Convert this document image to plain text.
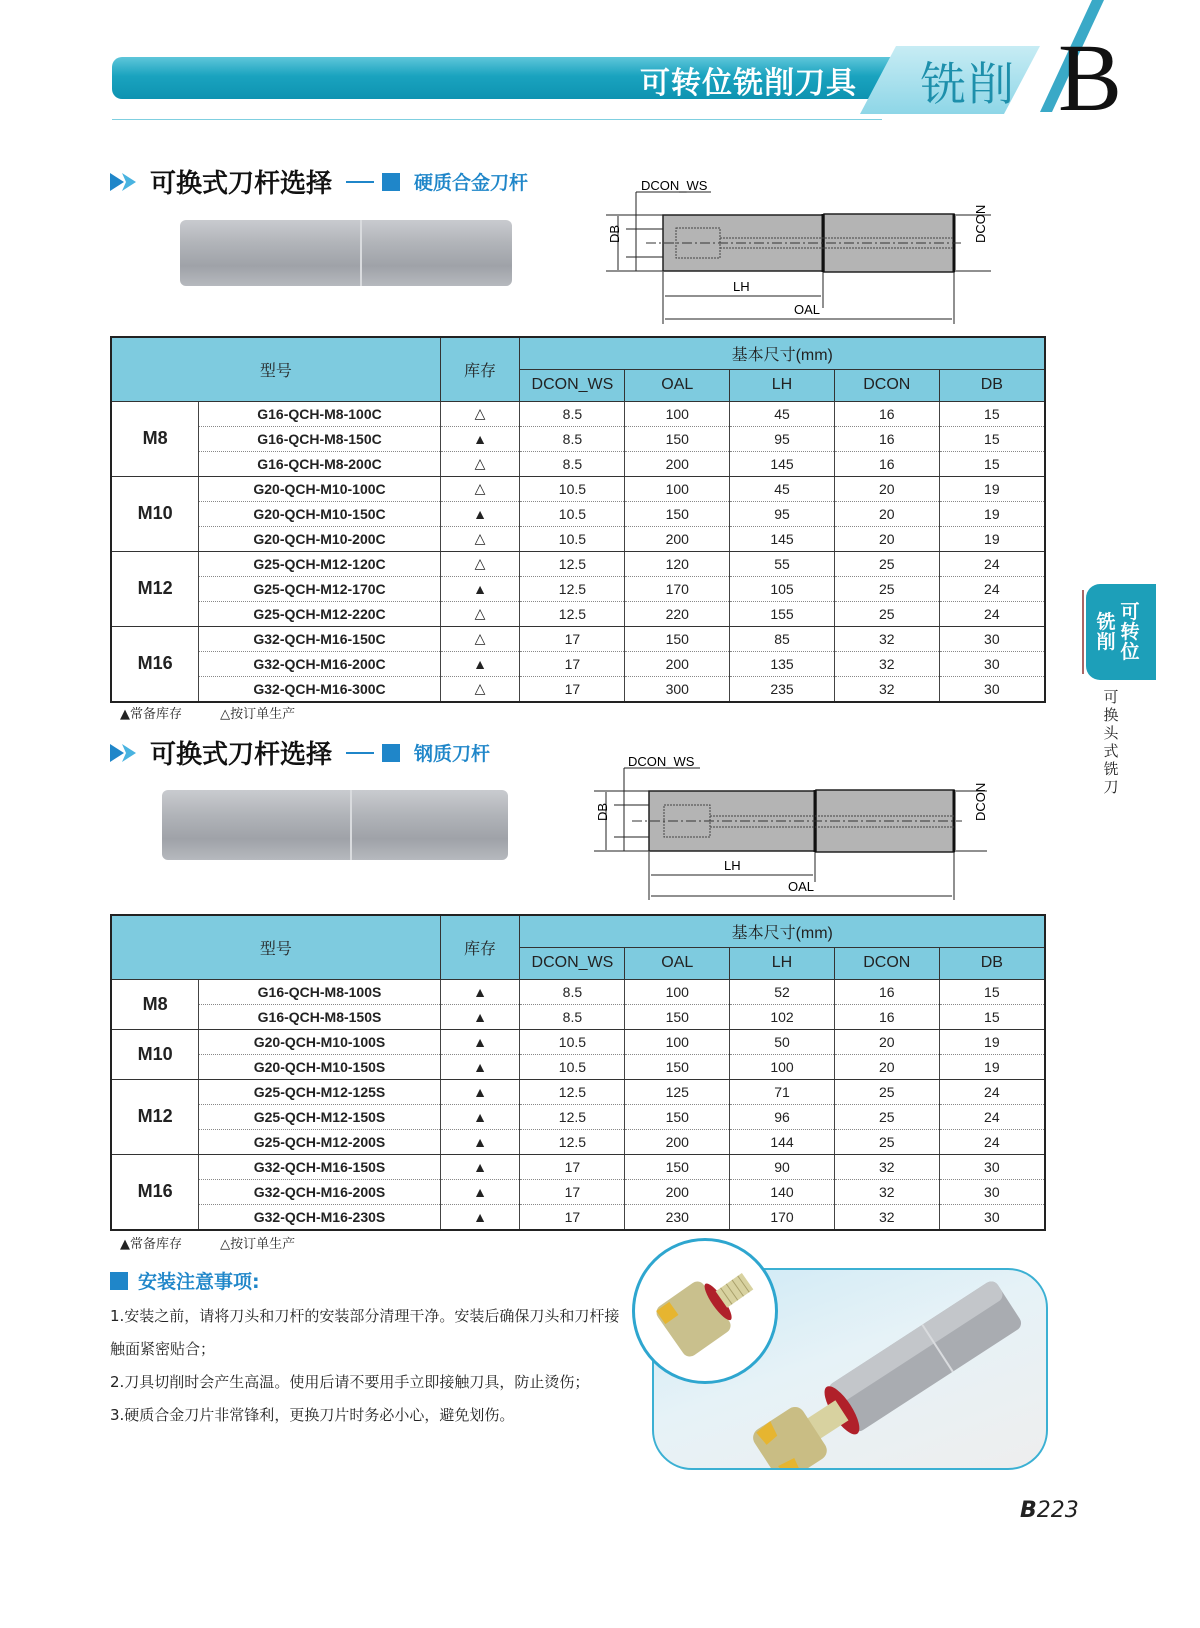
可转位铣削刀具 铣削 B
可换式刀杆选择	硬质合金刀杆	DCON_WS
DB	DCON
LH
OAL
型号		库存	基本尺寸(mm)				
			DCON_WS	OAL	LH	DCON	DB
M8	G16-QCH-M8-100C	△	8.5	100	45	16	15
	G16-QCH-M8-150C	▲	8.5	150	95	16	15
	G16-QCH-M8-200C	△	8.5	200	145	16	15
M10	G20-QCH-M10-100C	△	10.5	100	45	20	19
	G20-QCH-M10-150C	▲	10.5	150	95	20	19
	G20-QCH-M10-200C	△	10.5	200	145	20	19
M12	G25-QCH-M12-120C	△	12.5	120	55	25	24
	G25-QCH-M12-170C	▲	12.5	170	105	25	24
	G25-QCH-M12-220C	△	12.5	220	155	25	24
M16	G32-QCH-M16-150C	△	17	150	85	32	30
	G32-QCH-M16-200C	▲	17	200	135	32	30
	G32-QCH-M16-300C	△	17	300	235	32	30
▲常备库存	△按订单生产
可换式刀杆选择	钢质刀杆	DCON_WS
DB	DCON
LH
OAL
型号		库存	基本尺寸(mm)				
			DCON_WS	OAL	LH	DCON	DB
M8	G16-QCH-M8-100S	▲	8.5	100	52	16	15
	G16-QCH-M8-150S	▲	8.5	150	102	16	15
M10	G20-QCH-M10-100S	▲	10.5	100	50	20	19
	G20-QCH-M10-150S	▲	10.5	150	100	20	19
M12	G25-QCH-M12-125S	▲	12.5	125	71	25	24
	G25-QCH-M12-150S	▲	12.5	150	96	25	24
	G25-QCH-M12-200S	▲	12.5	200	144	25	24
M16	G32-QCH-M16-150S	▲	17	150	90	32	30
	G32-QCH-M16-200S	▲	17	200	140	32	30
	G32-QCH-M16-230S	▲	17	230	170	32	30
▲常备库存	△按订单生产
可转位
铣削
可换头式铣刀
安装注意事项:
1.安装之前，请将刀头和刀杆的安装部分清理干净。安装后确保刀头和刀杆接触面紧密贴合；
2.刀具切削时会产生高温。使用后请不要用手立即接触刀具，防止烫伤；
3.硬质合金刀片非常锋利，更换刀片时务必小心，避免划伤。
B223
